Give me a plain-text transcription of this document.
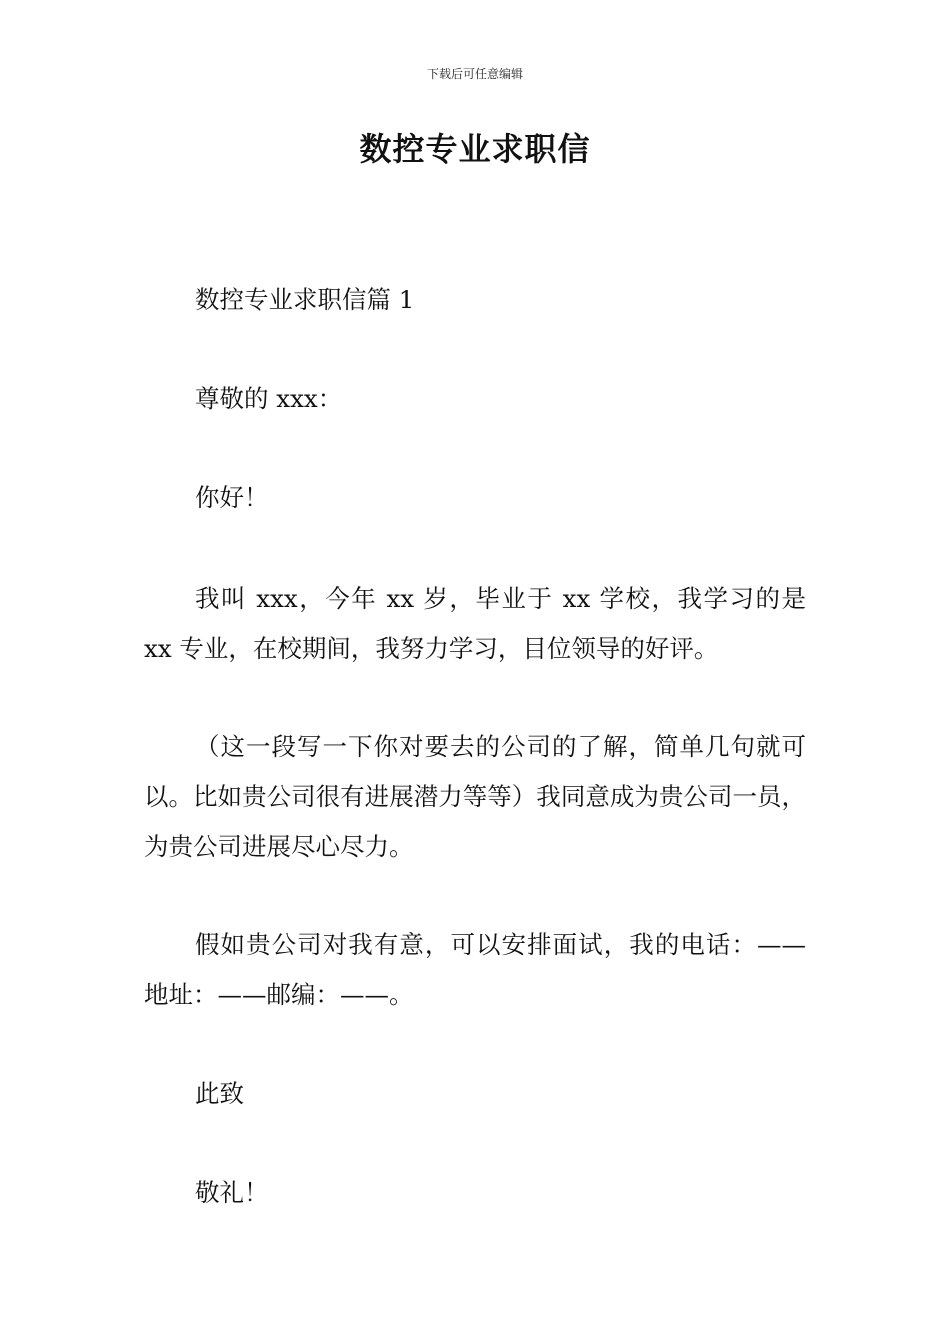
下载后可任意编辑
数控专业求职信

数控专业求职信篇 1

尊敬的 xxx：

你好！

我叫 xxx，今年 xx 岁，毕业于 xx 学校，我学习的是 xx 专业，在校期间，我努力学习，目位领导的好评。

（这一段写一下你对要去的公司的了解，简单几句就可以。比如贵公司很有进展潜力等等）我同意成为贵公司一员，为贵公司进展尽心尽力。

假如贵公司对我有意，可以安排面试，我的电话：——地址：——邮编：——。

此致

敬礼！
